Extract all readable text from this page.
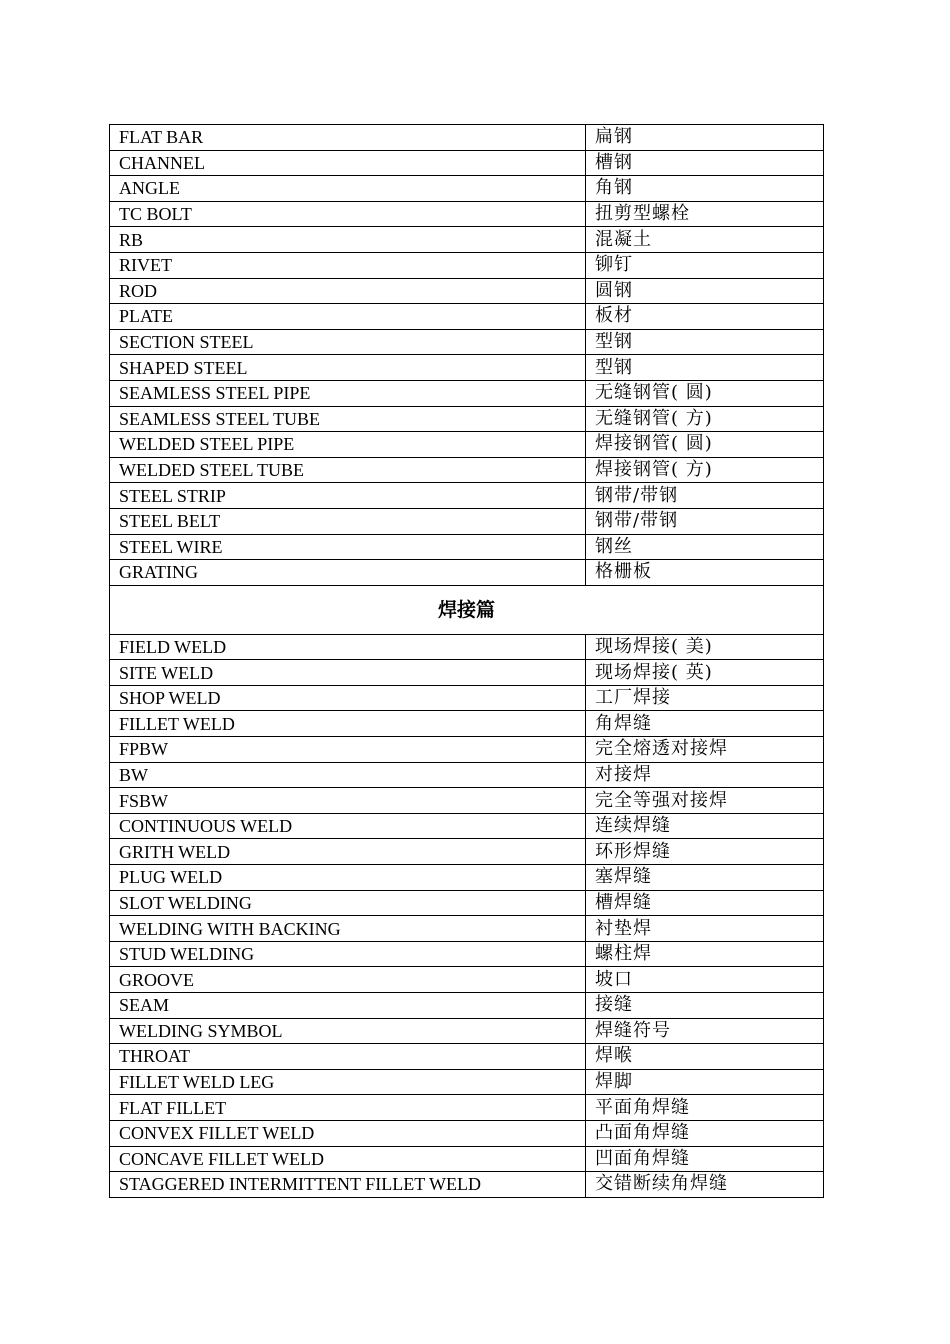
FLAT BAR	扁钢
CHANNEL	槽钢
ANGLE	角钢
TC BOLT	扭剪型螺栓
RB	混凝土
RIVET	铆钉
ROD	圆钢
PLATE	板材
SECTION STEEL	型钢
SHAPED STEEL	型钢
SEAMLESS STEEL PIPE	无缝钢管( 圆)
SEAMLESS STEEL TUBE	无缝钢管( 方)
WELDED STEEL PIPE	焊接钢管( 圆)
WELDED STEEL TUBE	焊接钢管( 方)
STEEL STRIP	钢带/带钢
STEEL BELT	钢带/带钢
STEEL WIRE	钢丝
GRATING	格栅板
焊接篇	
FIELD WELD	现场焊接( 美)
SITE WELD	现场焊接( 英)
SHOP WELD	工厂焊接
FILLET WELD	角焊缝
FPBW	完全熔透对接焊
BW	对接焊
FSBW	完全等强对接焊
CONTINUOUS WELD	连续焊缝
GRITH WELD	环形焊缝
PLUG WELD	塞焊缝
SLOT WELDING	槽焊缝
WELDING WITH BACKING	衬垫焊
STUD WELDING	螺柱焊
GROOVE	坡口
SEAM	接缝
WELDING SYMBOL	焊缝符号
THROAT	焊喉
FILLET WELD LEG	焊脚
FLAT FILLET	平面角焊缝
CONVEX FILLET WELD	凸面角焊缝
CONCAVE FILLET WELD	凹面角焊缝
STAGGERED INTERMITTENT FILLET WELD	交错断续角焊缝
